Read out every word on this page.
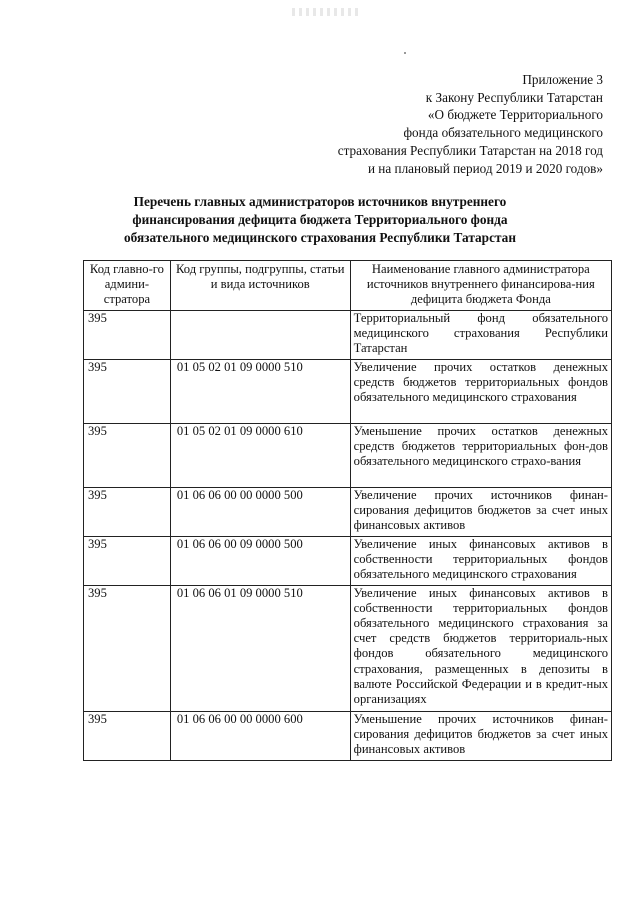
Приложение 3
к Закону Республики Татарстан
«О бюджете Территориального
фонда обязательного медицинского
страхования Республики Татарстан на 2018 год
и на плановый период 2019 и 2020 годов»
Перечень главных администраторов источников внутреннего
финансирования дефицита бюджета Территориального фонда
обязательного медицинского страхования Республики Татарстан
Код главно-го админи-стратора	Код группы, подгруппы, статьи и вида источников	Наименование главного администратора источников внутреннего финансирова-ния дефицита бюджета Фонда
395		Территориальный фонд обязательного медицинского страхования Республики Татарстан
395	01 05 02 01 09 0000 510	Увеличение прочих остатков денежных средств бюджетов территориальных фондов обязательного медицинского страхования
395	01 05 02 01 09 0000 610	Уменьшение прочих остатков денежных средств бюджетов территориальных фон-дов обязательного медицинского страхо-вания
395	01 06 06 00 00 0000 500	Увеличение прочих источников финан-сирования дефицитов бюджетов за счет иных финансовых активов
395	01 06 06 00 09 0000 500	Увеличение иных финансовых активов в собственности территориальных фондов обязательного медицинского страхования
395	01 06 06 01 09 0000 510	Увеличение иных финансовых активов в собственности территориальных фондов обязательного медицинского страхования за счет средств бюджетов территориаль-ных фондов обязательного медицинского страхования, размещенных в депозиты в валюте Российской Федерации и в кредит-ных организациях
395	01 06 06 00 00 0000 600	Уменьшение прочих источников финан-сирования дефицитов бюджетов за счет иных финансовых активов
